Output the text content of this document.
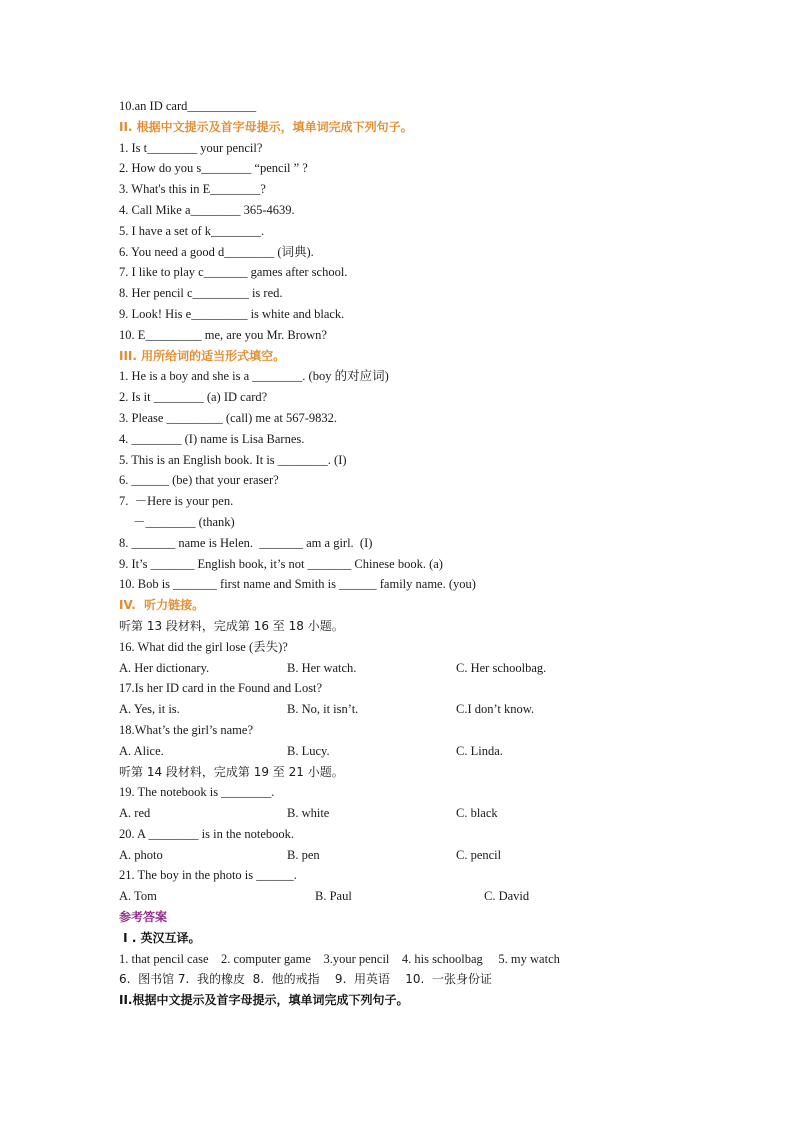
10.an ID card___________
II. 根据中文提示及首字母提示，填单词完成下列句子。
1. Is t________ your pencil?
2. How do you s________ “pencil ” ?
3. What's this in E________?
4. Call Mike a________ 365-4639.
5. I have a set of k________.
6. You need a good d________ (词典).
7. I like to play c_______ games after school.
8. Her pencil c_________ is red.
9. Look! His e_________ is white and black.
10. E_________ me, are you Mr. Brown?
III. 用所给词的适当形式填空。
1. He is a boy and she is a ________. (boy 的对应词)
2. Is it ________ (a) ID card?
3. Please _________ (call) me at 567-9832.
4. ________ (I) name is Lisa Barnes.
5. This is an English book. It is ________. (I)
6. ______ (be) that your eraser?
7.  －Here is your pen.
－________ (thank)
8. _______ name is Helen.  _______ am a girl.  (I)
9. It’s _______ English book, it’s not _______ Chinese book. (a)
10. Bob is _______ first name and Smith is ______ family name. (you)
IV.  听力链接。
听第 13 段材料，完成第 16 至 18 小题。
16. What did the girl lose (丢失)?
A. Her dictionary.	B. Her watch.	C. Her schoolbag.
17.Is her ID card in the Found and Lost?
A. Yes, it is.	B. No, it isn’t.	C.I don’t know.
18.What’s the girl’s name?
A. Alice.	B. Lucy.	C. Linda.
听第 14 段材料，完成第 19 至 21 小题。
19. The notebook is ________.
A. red	B. white	C. black
20. A ________ is in the notebook.
A. photo	B. pen	C. pencil
21. The boy in the photo is ______.
A. Tom	B. Paul	C. David
参考答案
I . 英汉互译。
1. that pencil case    2. computer game    3.your pencil    4. his schoolbag     5. my watch
6.  图书馆 7.  我的橡皮  8.  他的戒指    9.  用英语    10.  一张身份证
II.根据中文提示及首字母提示，填单词完成下列句子。
